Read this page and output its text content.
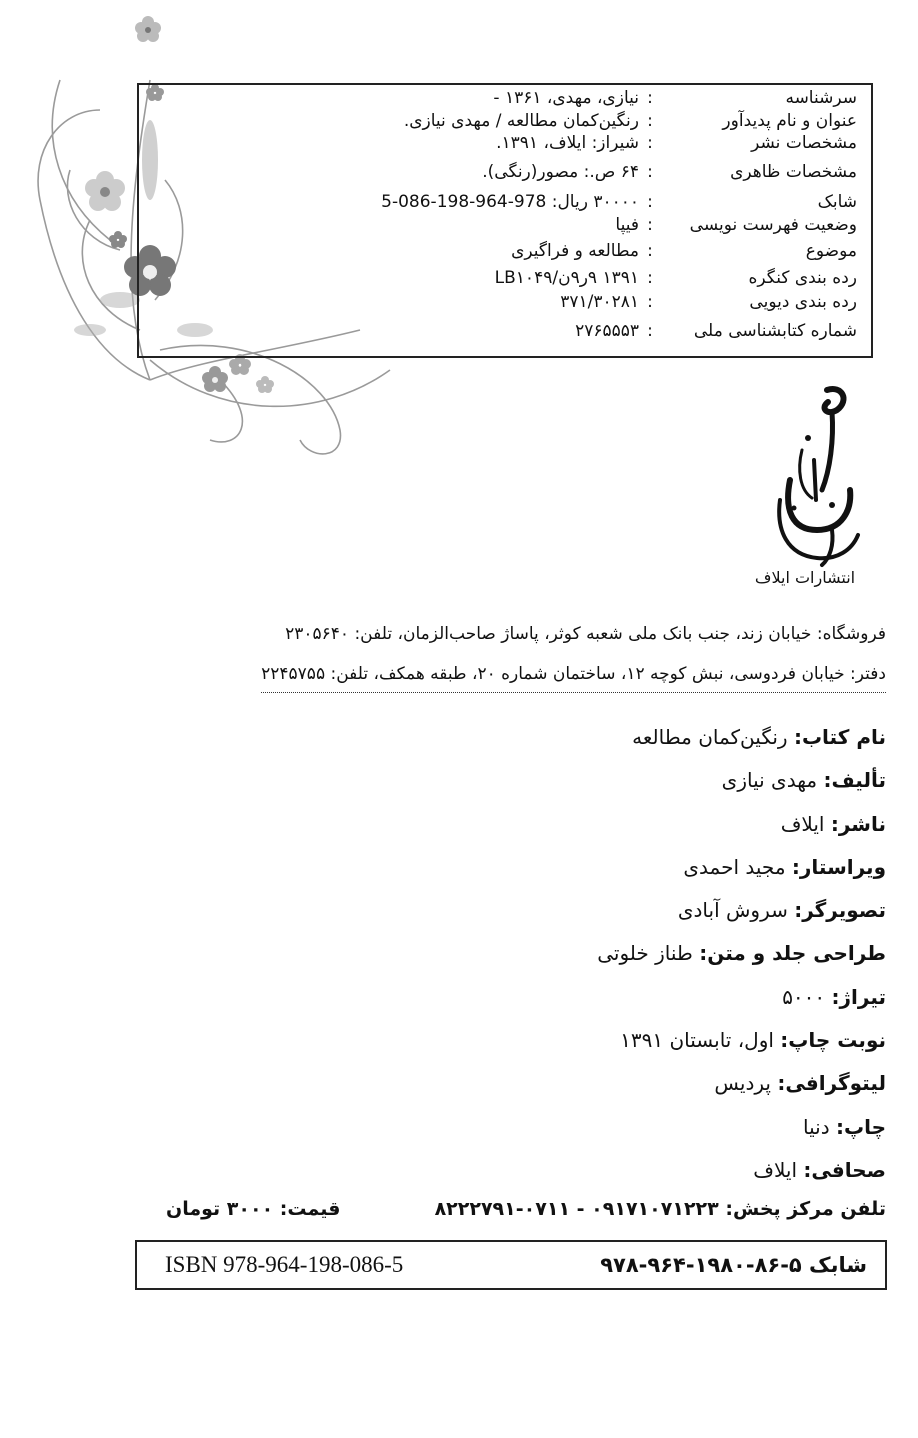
سرشناسه
:
نیازی، مهدی، ۱۳۶۱ -
عنوان و نام پدیدآور
:
رنگین‌کمان مطالعه / مهدی نیازی.
مشخصات نشر
:
شیراز: ایلاف، ۱۳۹۱.
مشخصات ظاهری
:
۶۴ ص.: مصور(رنگی).
شابک
:
۳۰۰۰۰ ریال: 978-964-198-086-5
وضعیت فهرست نویسی
:
فیپا
موضوع
:
مطالعه و فراگیری
رده بندی کنگره
:
۱۳۹۱ ۹ر۹ن/LB۱۰۴۹
رده بندی دیویی
:
۳۷۱/۳۰۲۸۱
شماره کتابشناسی ملی
:
۲۷۶۵۵۵۳
انتشارات ایلاف
فروشگاه: خیابان زند، جنب بانک ملی شعبه کوثر، پاساژ صاحب‌الزمان، تلفن: ۲۳۰۵۶۴۰
دفتر: خیابان فردوسی، نبش کوچه ۱۲، ساختمان شماره ۲۰، طبقه همکف، تلفن: ۲۲۴۵۷۵۵
نام کتاب: رنگین‌کمان مطالعه
تألیف: مهدی نیازی
ناشر: ایلاف
ویراستار: مجید احمدی
تصویرگر: سروش آبادی
طراحی جلد و متن: طناز خلوتی
تیراژ: ۵۰۰۰
نوبت چاپ: اول، تابستان ۱۳۹۱
لیتوگرافی: پردیس
چاپ: دنیا
صحافی: ایلاف
تلفن مرکز پخش: ۰۹۱۷۱۰۷۱۲۲۳ - ۰۷۱۱-۸۲۲۲۷۹۱
قیمت: ۳۰۰۰ تومان
ISBN 978-964-198-086-5	شابک ۵-۸۶-۱۹۸۰-۹۶۴-۹۷۸
